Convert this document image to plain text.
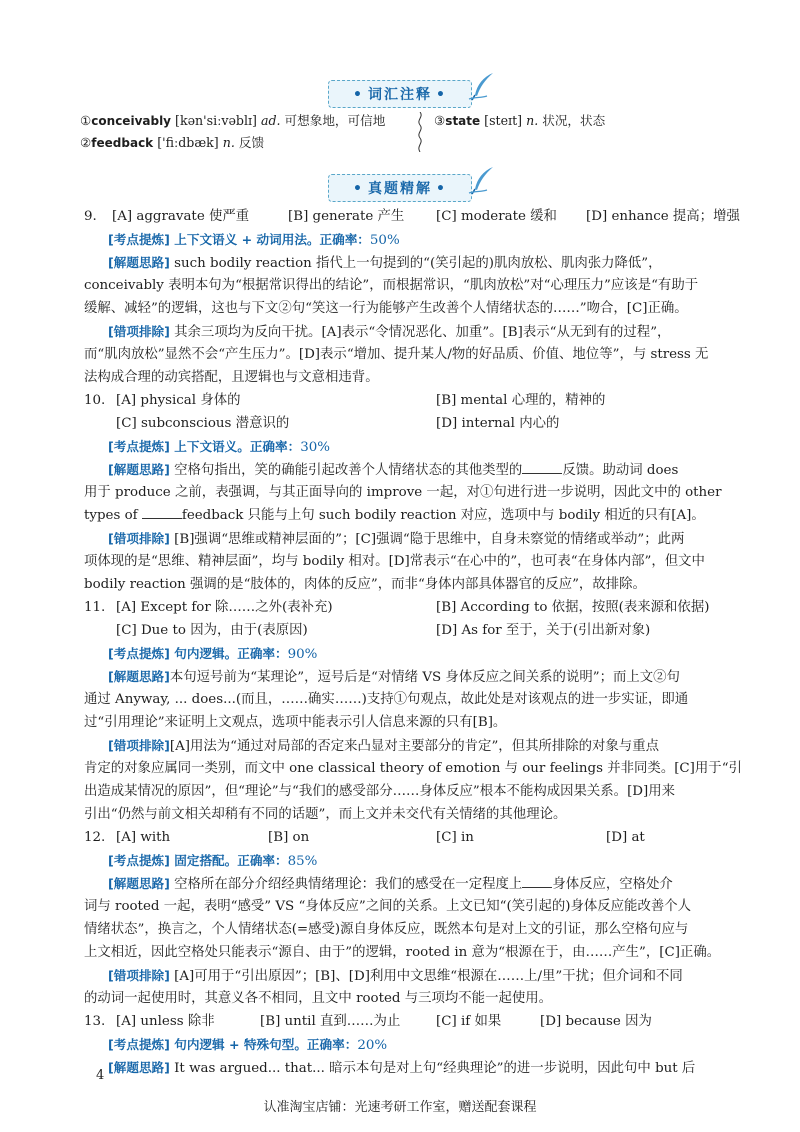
• 词汇注释 •
①conceivably [kən'siːvəblɪ] ad. 可想象地，可信地
②feedback ['fiːdbæk] n. 反馈
③state [steɪt] n. 状况，状态
• 真题精解 •
9. [A] aggravate 使严重	[B] generate 产生 [C] moderate 缓和 [D] enhance 提高；增强
[考点提炼] 上下文语义 + 动词用法。正确率：50%
[解题思路] such bodily reaction 指代上一句提到的“(笑引起的)肌肉放松、肌肉张力降低”，
conceivably 表明本句为“根据常识得出的结论”，而根据常识，“肌肉放松”对“心理压力”应该是“有助于
缓解、减轻”的逻辑，这也与下文②句“笑这一行为能够产生改善个人情绪状态的……”吻合，[C]正确。
[错项排除] 其余三项均为反向干扰。[A]表示“令情况恶化、加重”。[B]表示“从无到有的过程”，
而“肌肉放松”显然不会“产生压力”。[D]表示“增加、提升某人/物的好品质、价值、地位等”，与 stress 无
法构成合理的动宾搭配，且逻辑也与文意相违背。
10. [A] physical 身体的	[B] mental 心理的，精神的
[C] subconscious 潜意识的	[D] internal 内心的
[考点提炼] 上下文语义。正确率：30%
[解题思路] 空格句指出，笑的确能引起改善个人情绪状态的其他类型的	反馈。助动词 does
用于 produce 之前，表强调，与其正面导向的 improve 一起，对①句进行进一步说明，因此文中的 other
types of	feedback 只能与上句 such bodily reaction 对应，选项中与 bodily 相近的只有[A]。
[错项排除] [B]强调“思维或精神层面的”；[C]强调“隐于思维中，自身未察觉的情绪或举动”；此两
项体现的是“思维、精神层面”，均与 bodily 相对。[D]常表示“在心中的”，也可表“在身体内部”，但文中
bodily reaction 强调的是“肢体的，肉体的反应”，而非“身体内部具体器官的反应”，故排除。
11. [A] Except for 除……之外(表补充)	[B] According to 依据，按照(表来源和依据)
[C] Due to 因为，由于(表原因)	[D] As for 至于，关于(引出新对象)
[考点提炼] 句内逻辑。正确率：90%
[解题思路]本句逗号前为“某理论”，逗号后是“对情绪 VS 身体反应之间关系的说明”；而上文②句
通过 Anyway, ... does...(而且，……确实……)支持①句观点，故此处是对该观点的进一步实证，即通
过“引用理论”来证明上文观点，选项中能表示引人信息来源的只有[B]。
[错项排除][A]用法为“通过对局部的否定来凸显对主要部分的肯定”，但其所排除的对象与重点
肯定的对象应属同一类别，而文中 one classical theory of emotion 与 our feelings 并非同类。[C]用于“引
出造成某情况的原因”，但“理论”与“我们的感受部分……身体反应”根本不能构成因果关系。[D]用来
引出“仍然与前文相关却稍有不同的话题”，而上文并未交代有关情绪的其他理论。
12. [A] with	[B] on	[C] in	[D] at
[考点提炼] 固定搭配。正确率：85%
[解题思路] 空格所在部分介绍经典情绪理论：我们的感受在一定程度上 身体反应，空格处介
词与 rooted 一起，表明“感受” VS “身体反应”之间的关系。上文已知“(笑引起的)身体反应能改善个人
情绪状态”，换言之，个人情绪状态(=感受)源自身体反应，既然本句是对上文的引证，那么空格句应与
上文相近，因此空格处只能表示“源自、由于”的逻辑，rooted in 意为“根源在于，由……产生”，[C]正确。
[错项排除] [A]可用于“引出原因”；[B]、[D]利用中文思维“根源在……上/里”干扰；但介词和不同
的动词一起使用时，其意义各不相同，且文中 rooted 与三项均不能一起使用。
13. [A] unless 除非	[B] until 直到……为止	[C] if 如果	[D] because 因为
[考点提炼] 句内逻辑 + 特殊句型。正确率：20%
[解题思路] It was argued... that... 暗示本句是对上句“经典理论”的进一步说明，因此句中 but 后
4
认准淘宝店铺：光速考研工作室，赠送配套课程
